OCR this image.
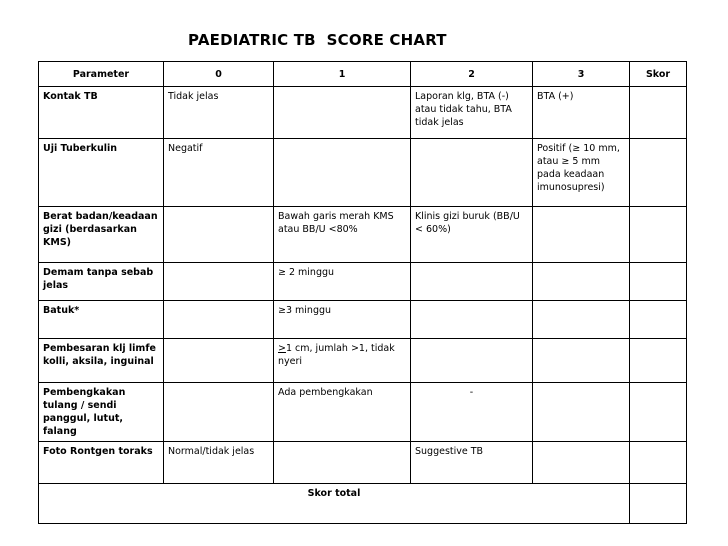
PAEDIATRIC TB  SCORE CHART
Parameter	0	1	2	3	Skor
Kontak TB	Tidak jelas		Laporan klg, BTA (-) atau tidak tahu, BTA tidak jelas	BTA (+)	
Uji Tuberkulin	Negatif			Positif (≥ 10 mm, atau ≥ 5 mm pada keadaan imunosupresi)	
Berat badan/keadaan gizi (berdasarkan KMS)		Bawah garis merah KMS atau BB/U <80%	Klinis gizi buruk (BB/U < 60%)		
Demam tanpa sebab jelas		≥ 2 minggu			
Batuk*		≥3 minggu			
Pembesaran klj limfe kolli, aksila, inguinal		≥1 cm, jumlah >1, tidak nyeri			
Pembengkakan tulang / sendi panggul, lutut, falang		Ada pembengkakan	-		
Foto Rontgen toraks	Normal/tidak jelas		Suggestive TB		
Skor total					
